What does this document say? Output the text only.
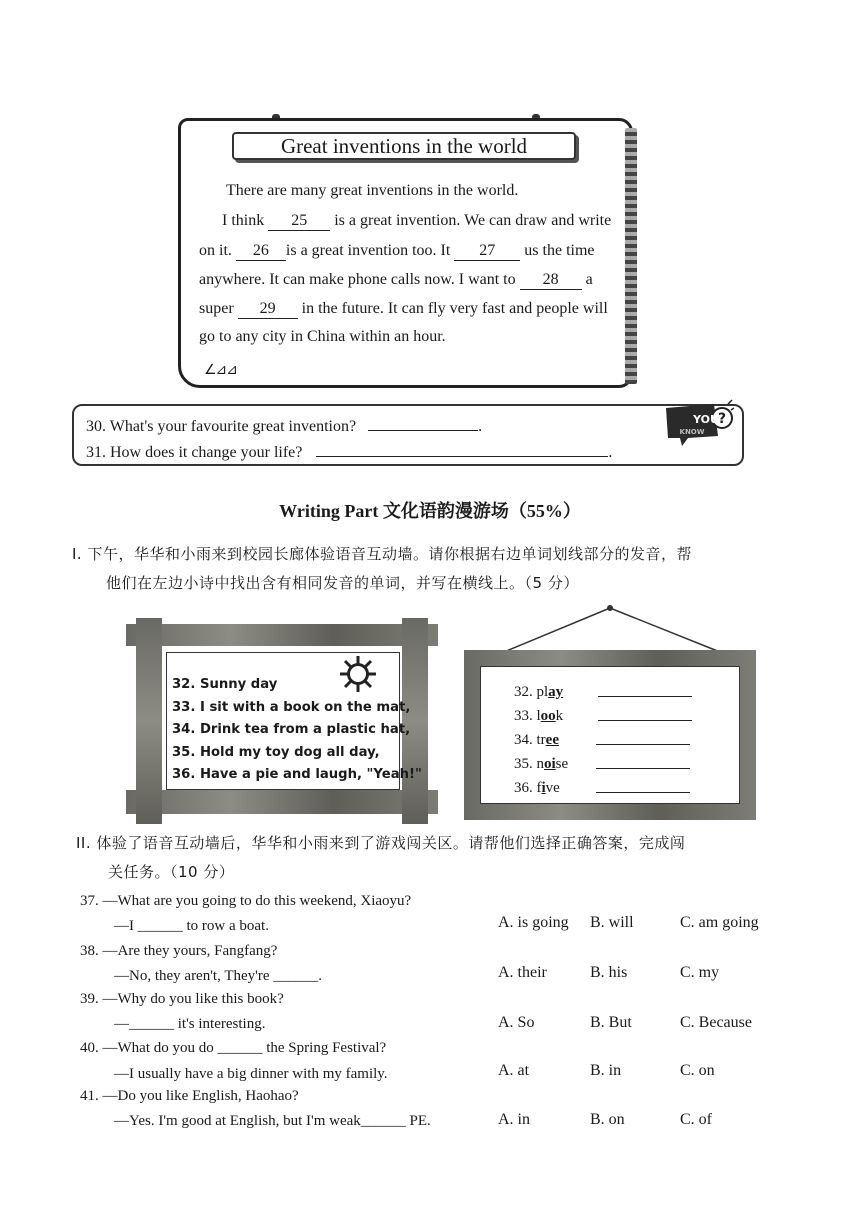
Great inventions in the world
There are many great inventions in the world.
I think 25 is a great invention. We can draw and write
on it. 26 is a great invention too. It 27 us the time
anywhere. It can make phone calls now. I want to 28 a
super 29 in the future. It can fly very fast and people will
go to any city in China within an hour.
∠⊿⊿
30. What's your favourite great invention?	.
31. How does it change your life?	.
?
YOU
KNOW
Writing Part 文化语韵漫游场（55%）
I. 下午，华华和小雨来到校园长廊体验语音互动墙。请你根据右边单词划线部分的发音，帮
他们在左边小诗中找出含有相同发音的单词，并写在横线上。（5 分）
32. Sunny day
33. I sit with a book on the mat,
34. Drink tea from a plastic hat,
35. Hold my toy dog all day,
36. Have a pie and laugh, "Yeah!"
32. play
33. look
34. tree
35. noise
36. five
II. 体验了语音互动墙后，华华和小雨来到了游戏闯关区。请帮他们选择正确答案，完成闯
关任务。（10 分）
37. —What are you going to do this weekend, Xiaoyu?
—I ______ to row a boat.	A. is going B. will	C. am going
38. —Are they yours, Fangfang?
—No, they aren't, They're ______.	A. their	B. his	C. my
39. —Why do you like this book?
—______ it's interesting.	A. So	B. But	C. Because
40. —What do you do ______ the Spring Festival?
—I usually have a big dinner with my family.	A. at	B. in	C. on
41. —Do you like English, Haohao?
—Yes. I'm good at English, but I'm weak______ PE.	A. in	B. on	C. of
